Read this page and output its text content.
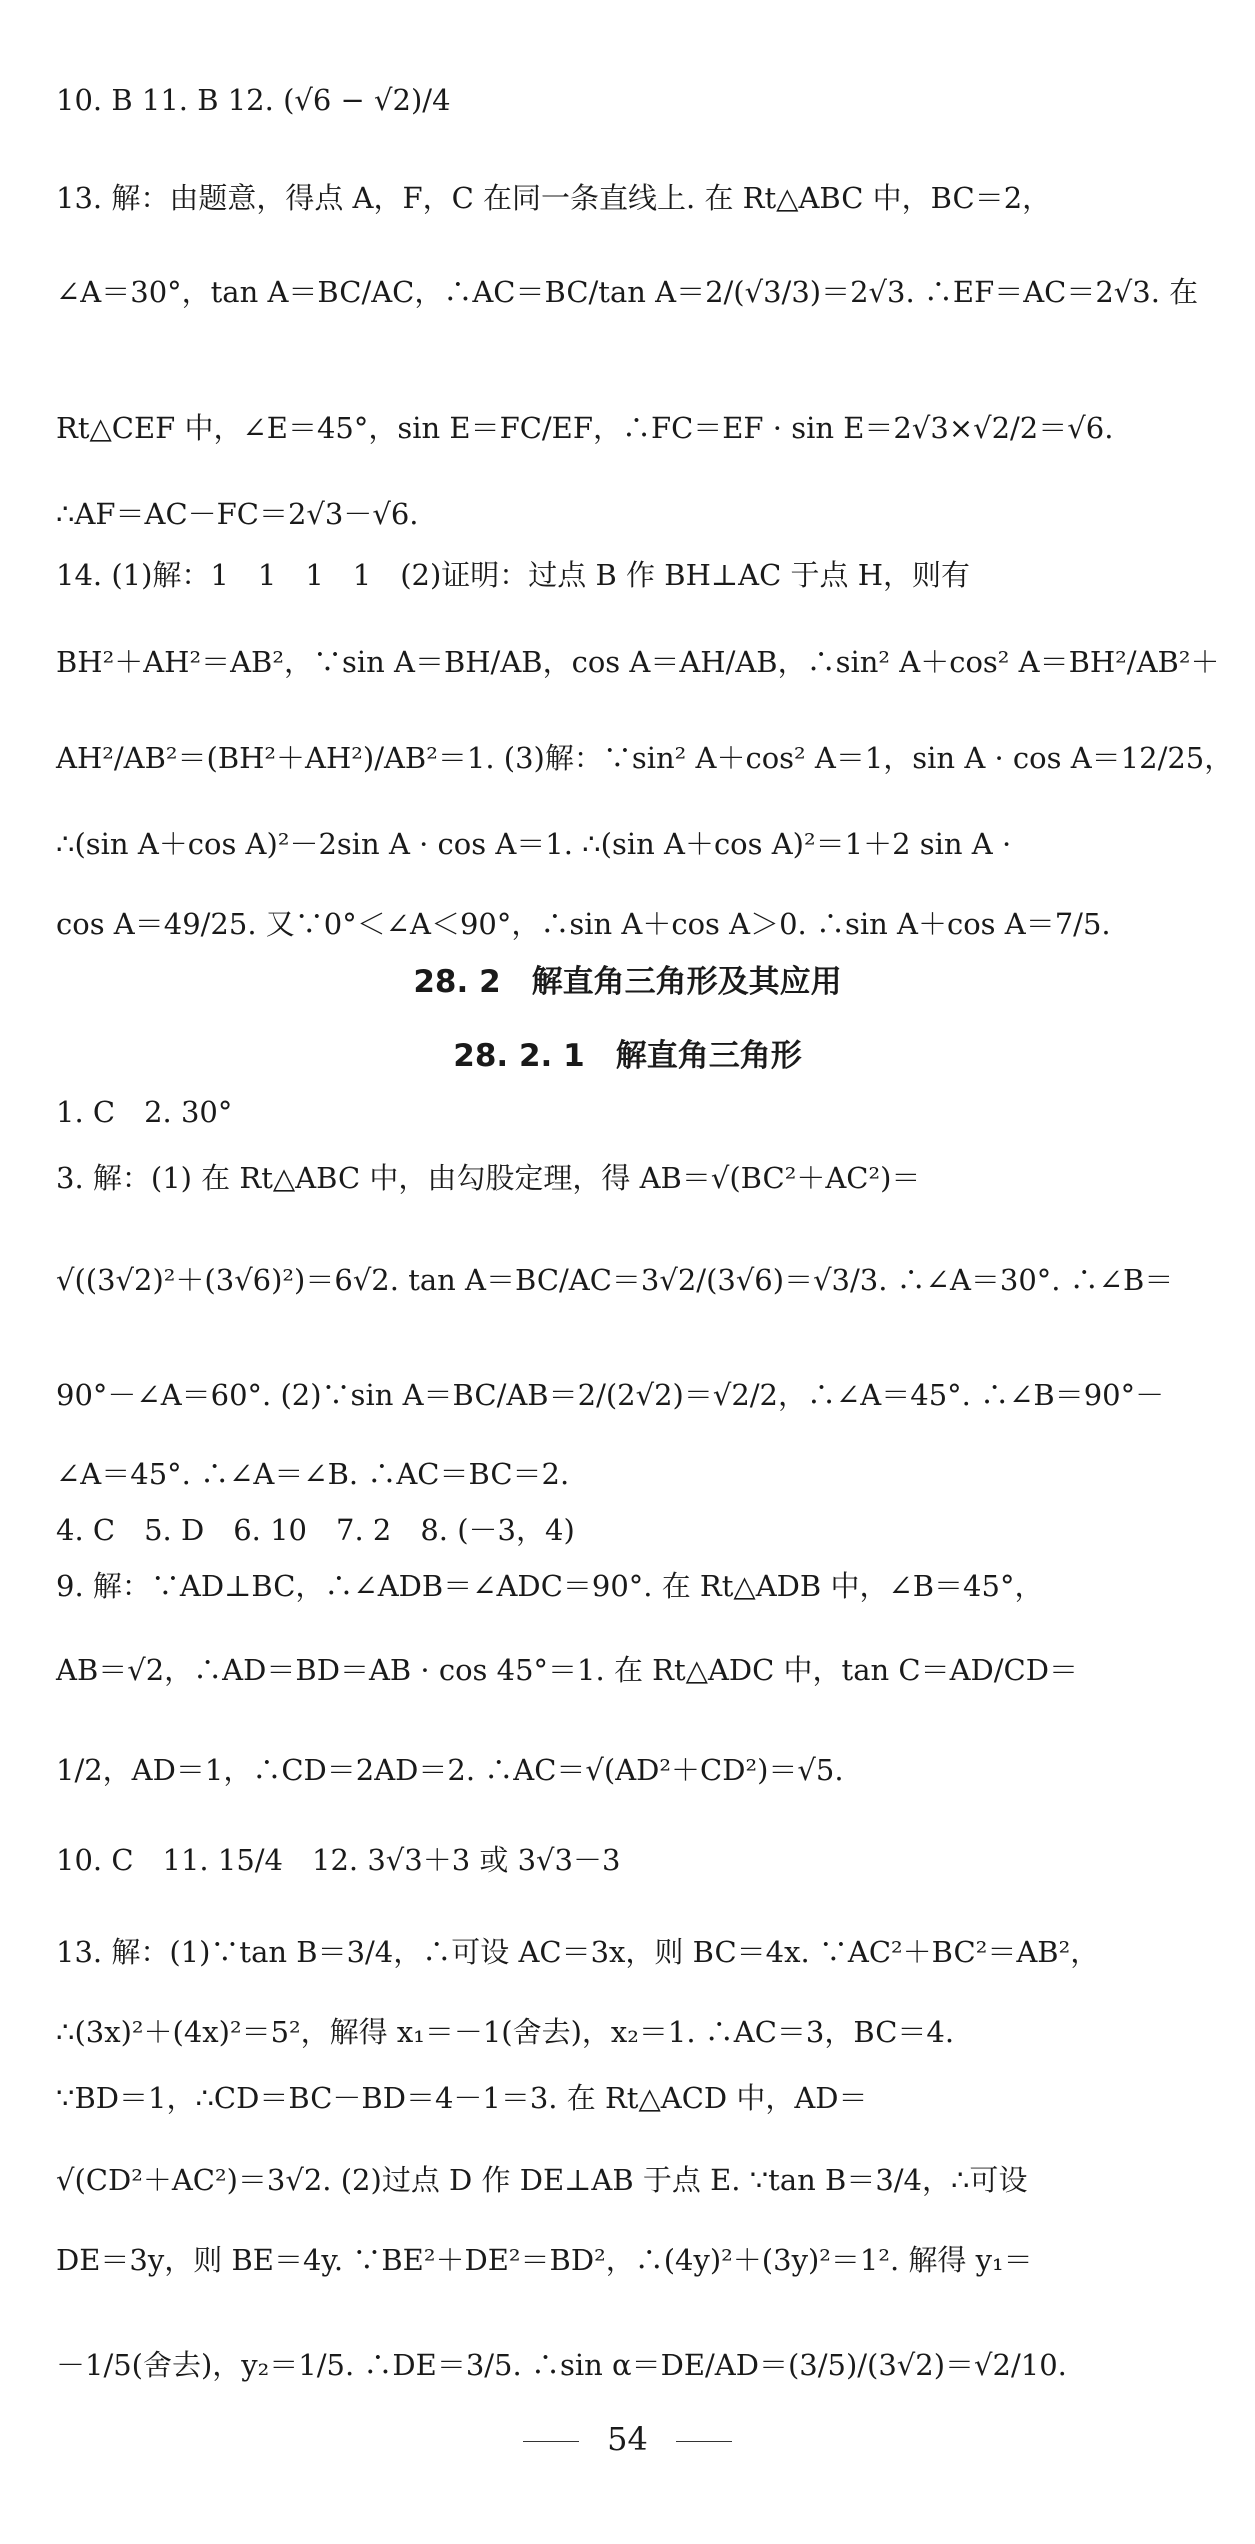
10. B 11. B 12. (√6 − √2)/4
13. 解：由题意，得点 A，F，C 在同一条直线上. 在 Rt△ABC 中，BC＝2，
∠A＝30°，tan A＝BC/AC，∴AC＝BC/tan A＝2/(√3/3)＝2√3. ∴EF＝AC＝2√3. 在
Rt△CEF 中，∠E＝45°，sin E＝FC/EF，∴FC＝EF · sin E＝2√3×√2/2＝√6.
∴AF＝AC－FC＝2√3－√6.
14. (1)解：1　1　1　1　(2)证明：过点 B 作 BH⊥AC 于点 H，则有
BH²＋AH²＝AB²，∵sin A＝BH/AB，cos A＝AH/AB，∴sin² A＋cos² A＝BH²/AB²＋
AH²/AB²＝(BH²＋AH²)/AB²＝1. (3)解：∵sin² A＋cos² A＝1，sin A · cos A＝12/25，
∴(sin A＋cos A)²－2sin A · cos A＝1. ∴(sin A＋cos A)²＝1＋2 sin A ·
cos A＝49/25. 又∵0°＜∠A＜90°，∴sin A＋cos A＞0. ∴sin A＋cos A＝7/5.
28. 2　解直角三角形及其应用
28. 2. 1　解直角三角形
1. C　2. 30°
3. 解：(1) 在 Rt△ABC 中，由勾股定理，得 AB＝√(BC²＋AC²)＝
√((3√2)²＋(3√6)²)＝6√2. tan A＝BC/AC＝3√2/(3√6)＝√3/3. ∴∠A＝30°. ∴∠B＝
90°－∠A＝60°. (2)∵sin A＝BC/AB＝2/(2√2)＝√2/2，∴∠A＝45°. ∴∠B＝90°－
∠A＝45°. ∴∠A＝∠B. ∴AC＝BC＝2.
4. C　5. D　6. 10　7. 2　8. (－3，4)
9. 解：∵AD⊥BC，∴∠ADB＝∠ADC＝90°. 在 Rt△ADB 中，∠B＝45°，
AB＝√2，∴AD＝BD＝AB · cos 45°＝1. 在 Rt△ADC 中，tan C＝AD/CD＝
1/2，AD＝1，∴CD＝2AD＝2. ∴AC＝√(AD²＋CD²)＝√5.
10. C　11. 15/4　12. 3√3＋3 或 3√3－3
13. 解：(1)∵tan B＝3/4，∴可设 AC＝3x，则 BC＝4x. ∵AC²＋BC²＝AB²，
∴(3x)²＋(4x)²＝5²，解得 x₁＝－1(舍去)，x₂＝1. ∴AC＝3，BC＝4.
∵BD＝1，∴CD＝BC－BD＝4－1＝3. 在 Rt△ACD 中，AD＝
√(CD²＋AC²)＝3√2. (2)过点 D 作 DE⊥AB 于点 E. ∵tan B＝3/4，∴可设
DE＝3y，则 BE＝4y. ∵BE²＋DE²＝BD²，∴(4y)²＋(3y)²＝1². 解得 y₁＝
－1/5(舍去)，y₂＝1/5. ∴DE＝3/5. ∴sin α＝DE/AD＝(3/5)/(3√2)＝√2/10.
54
